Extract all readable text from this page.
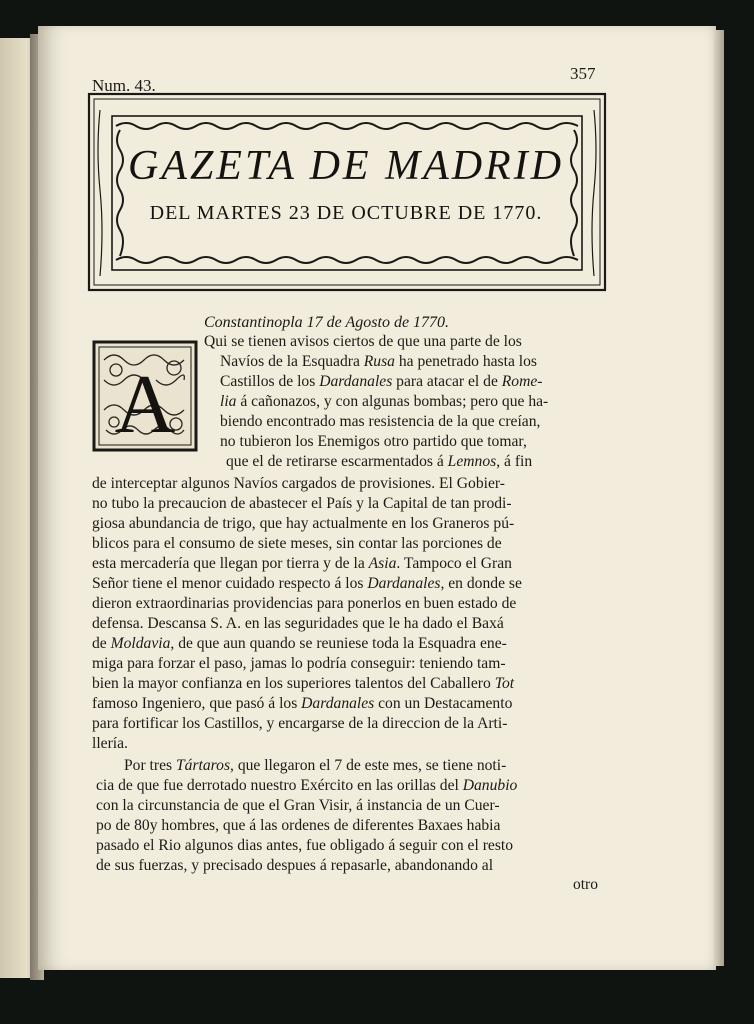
Num. 43.
357
GAZETA DE MADRID
DEL MARTES 23 DE OCTUBRE DE 1770.
Constantinopla 17 de Agosto de 1770.
A
Qui se tienen avisos ciertos de que una parte de los
Navíos de la Esquadra Rusa ha penetrado hasta los
Castillos de los Dardanales para atacar el de Rome-
lia á cañonazos, y con algunas bombas; pero que ha-
biendo encontrado mas resistencia de la que creían,
no tubieron los Enemigos otro partido que tomar,
que el de retirarse escarmentados á Lemnos, á fin
de interceptar algunos Navíos cargados de provisiones. El Gobier-
no tubo la precaucion de abastecer el País y la Capital de tan prodi-
giosa abundancia de trigo, que hay actualmente en los Graneros pú-
blicos para el consumo de siete meses, sin contar las porciones de
esta mercadería que llegan por tierra y de la Asia. Tampoco el Gran
Señor tiene el menor cuidado respecto á los Dardanales, en donde se
dieron extraordinarias providencias para ponerlos en buen estado de
defensa. Descansa S. A. en las seguridades que le ha dado el Baxá
de Moldavia, de que aun quando se reuniese toda la Esquadra ene-
miga para forzar el paso, jamas lo podría conseguir: teniendo tam-
bien la mayor confianza en los superiores talentos del Caballero Tot
famoso Ingeniero, que pasó á los Dardanales con un Destacamento
para fortificar los Castillos, y encargarse de la direccion de la Arti-
llería.
Por tres Tártaros, que llegaron el 7 de este mes, se tiene noti-
cia de que fue derrotado nuestro Exército en las orillas del Danubio
con la circunstancia de que el Gran Visir, á instancia de un Cuer-
po de 80y hombres, que á las ordenes de diferentes Baxaes habia
pasado el Rio algunos dias antes, fue obligado á seguir con el resto
de sus fuerzas, y precisado despues á repasarle, abandonando al
otro
